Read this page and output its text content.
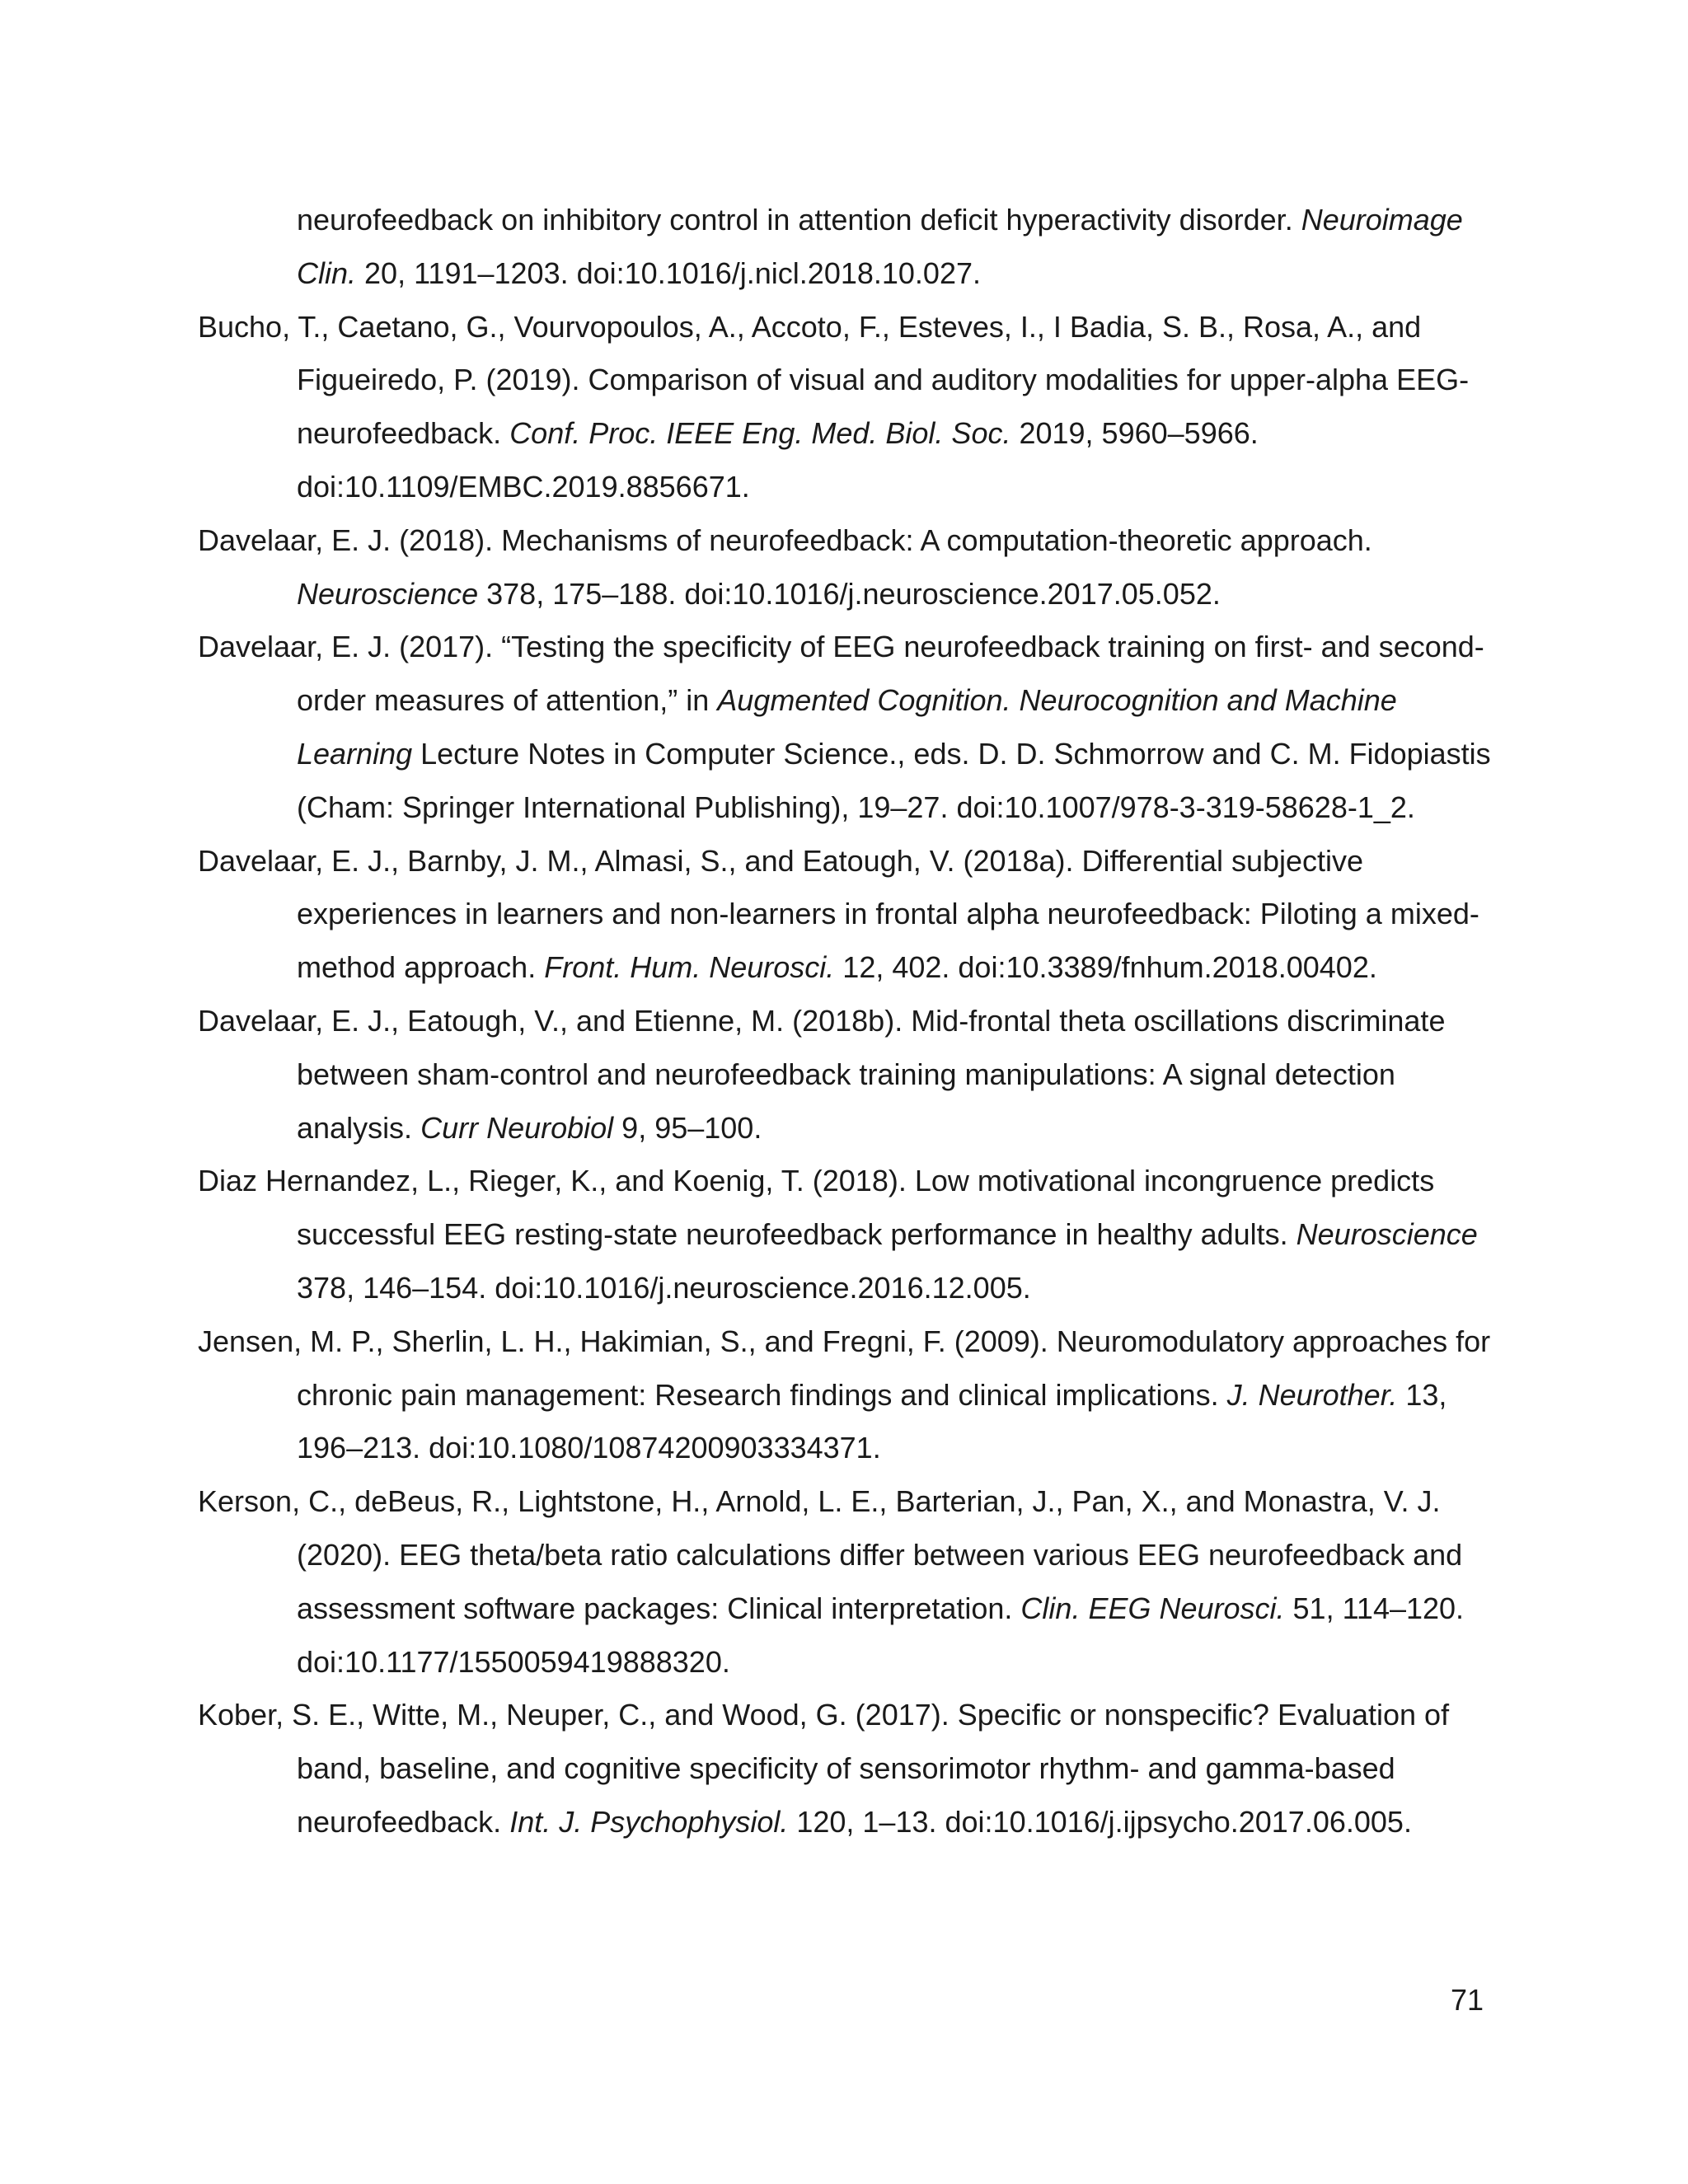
neurofeedback on inhibitory control in attention deficit hyperactivity disorder. Neuroimage Clin. 20, 1191–1203. doi:10.1016/j.nicl.2018.10.027.
Bucho, T., Caetano, G., Vourvopoulos, A., Accoto, F., Esteves, I., I Badia, S. B., Rosa, A., and Figueiredo, P. (2019). Comparison of visual and auditory modalities for upper-alpha EEG-neurofeedback. Conf. Proc. IEEE Eng. Med. Biol. Soc. 2019, 5960–5966. doi:10.1109/EMBC.2019.8856671.
Davelaar, E. J. (2018). Mechanisms of neurofeedback: A computation-theoretic approach. Neuroscience 378, 175–188. doi:10.1016/j.neuroscience.2017.05.052.
Davelaar, E. J. (2017). “Testing the specificity of EEG neurofeedback training on first- and second-order measures of attention,” in Augmented Cognition. Neurocognition and Machine Learning Lecture Notes in Computer Science., eds. D. D. Schmorrow and C. M. Fidopiastis (Cham: Springer International Publishing), 19–27. doi:10.1007/978-3-319-58628-1_2.
Davelaar, E. J., Barnby, J. M., Almasi, S., and Eatough, V. (2018a). Differential subjective experiences in learners and non-learners in frontal alpha neurofeedback: Piloting a mixed-method approach. Front. Hum. Neurosci. 12, 402. doi:10.3389/fnhum.2018.00402.
Davelaar, E. J., Eatough, V., and Etienne, M. (2018b). Mid-frontal theta oscillations discriminate between sham-control and neurofeedback training manipulations: A signal detection analysis. Curr Neurobiol 9, 95–100.
Diaz Hernandez, L., Rieger, K., and Koenig, T. (2018). Low motivational incongruence predicts successful EEG resting-state neurofeedback performance in healthy adults. Neuroscience 378, 146–154. doi:10.1016/j.neuroscience.2016.12.005.
Jensen, M. P., Sherlin, L. H., Hakimian, S., and Fregni, F. (2009). Neuromodulatory approaches for chronic pain management: Research findings and clinical implications. J. Neurother. 13, 196–213. doi:10.1080/10874200903334371.
Kerson, C., deBeus, R., Lightstone, H., Arnold, L. E., Barterian, J., Pan, X., and Monastra, V. J. (2020). EEG theta/beta ratio calculations differ between various EEG neurofeedback and assessment software packages: Clinical interpretation. Clin. EEG Neurosci. 51, 114–120. doi:10.1177/1550059419888320.
Kober, S. E., Witte, M., Neuper, C., and Wood, G. (2017). Specific or nonspecific? Evaluation of band, baseline, and cognitive specificity of sensorimotor rhythm- and gamma-based neurofeedback. Int. J. Psychophysiol. 120, 1–13. doi:10.1016/j.ijpsycho.2017.06.005.
71
